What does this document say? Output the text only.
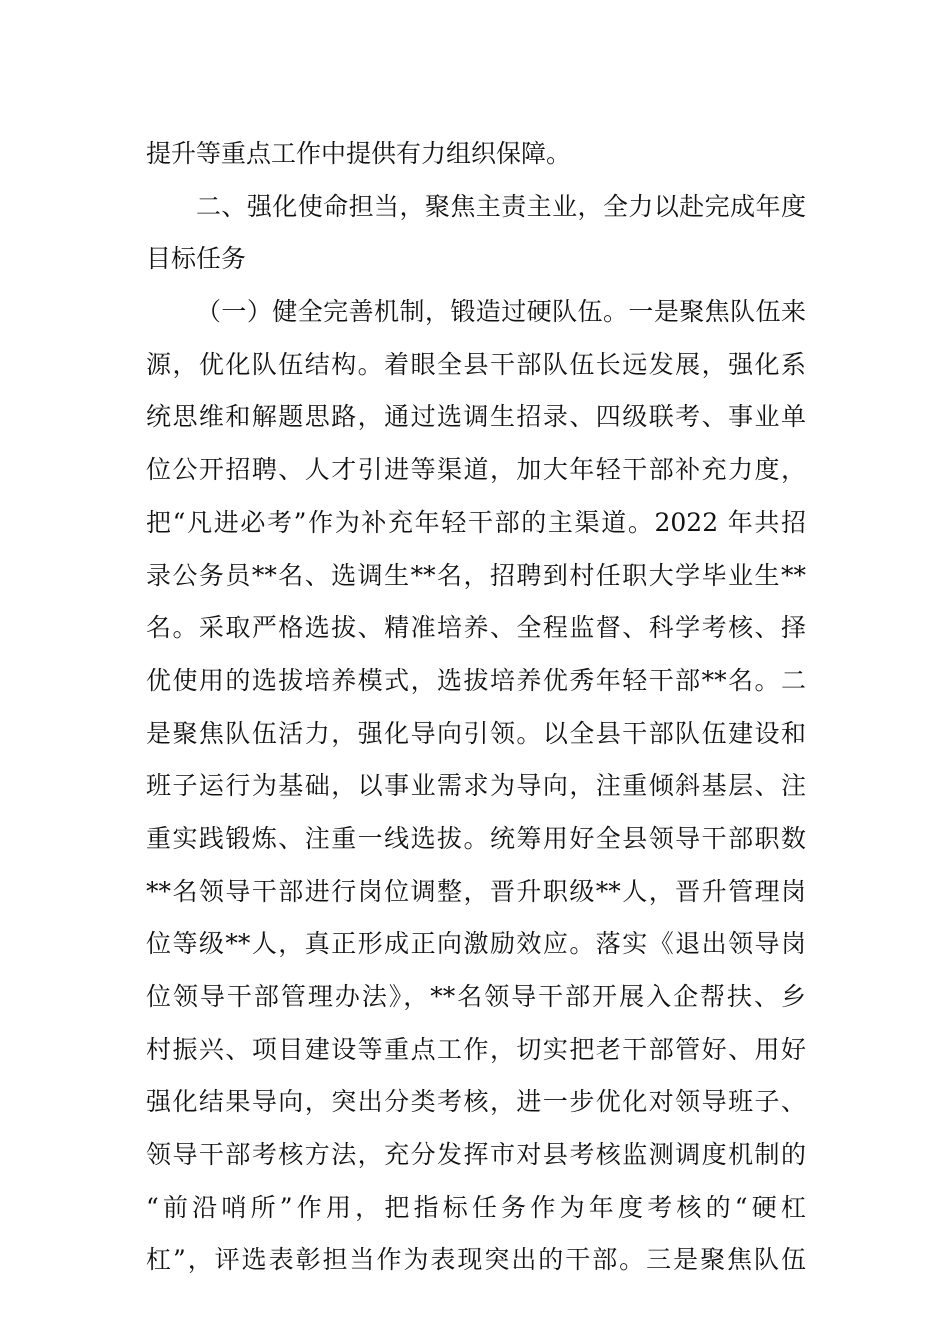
提升等重点工作中提供有力组织保障。
二、强化使命担当，聚焦主责主业，全力以赴完成年度
目标任务
（一）健全完善机制，锻造过硬队伍。一是聚焦队伍来
源，优化队伍结构。着眼全县干部队伍长远发展，强化系
统思维和解题思路，通过选调生招录、四级联考、事业单
位公开招聘、人才引进等渠道，加大年轻干部补充力度，
把“凡进必考”作为补充年轻干部的主渠道。2022 年共招
录公务员**名、选调生**名，招聘到村任职大学毕业生**
名。采取严格选拔、精准培养、全程监督、科学考核、择
优使用的选拔培养模式，选拔培养优秀年轻干部**名。二
是聚焦队伍活力，强化导向引领。以全县干部队伍建设和
班子运行为基础，以事业需求为导向，注重倾斜基层、注
重实践锻炼、注重一线选拔。统筹用好全县领导干部职数
**名领导干部进行岗位调整，晋升职级**人，晋升管理岗
位等级**人，真正形成正向激励效应。落实《退出领导岗
位领导干部管理办法》，**名领导干部开展入企帮扶、乡
村振兴、项目建设等重点工作，切实把老干部管好、用好
强化结果导向，突出分类考核，进一步优化对领导班子、
领导干部考核方法，充分发挥市对县考核监测调度机制的
“前沿哨所”作用，把指标任务作为年度考核的“硬杠
杠”，评选表彰担当作为表现突出的干部。三是聚焦队伍
